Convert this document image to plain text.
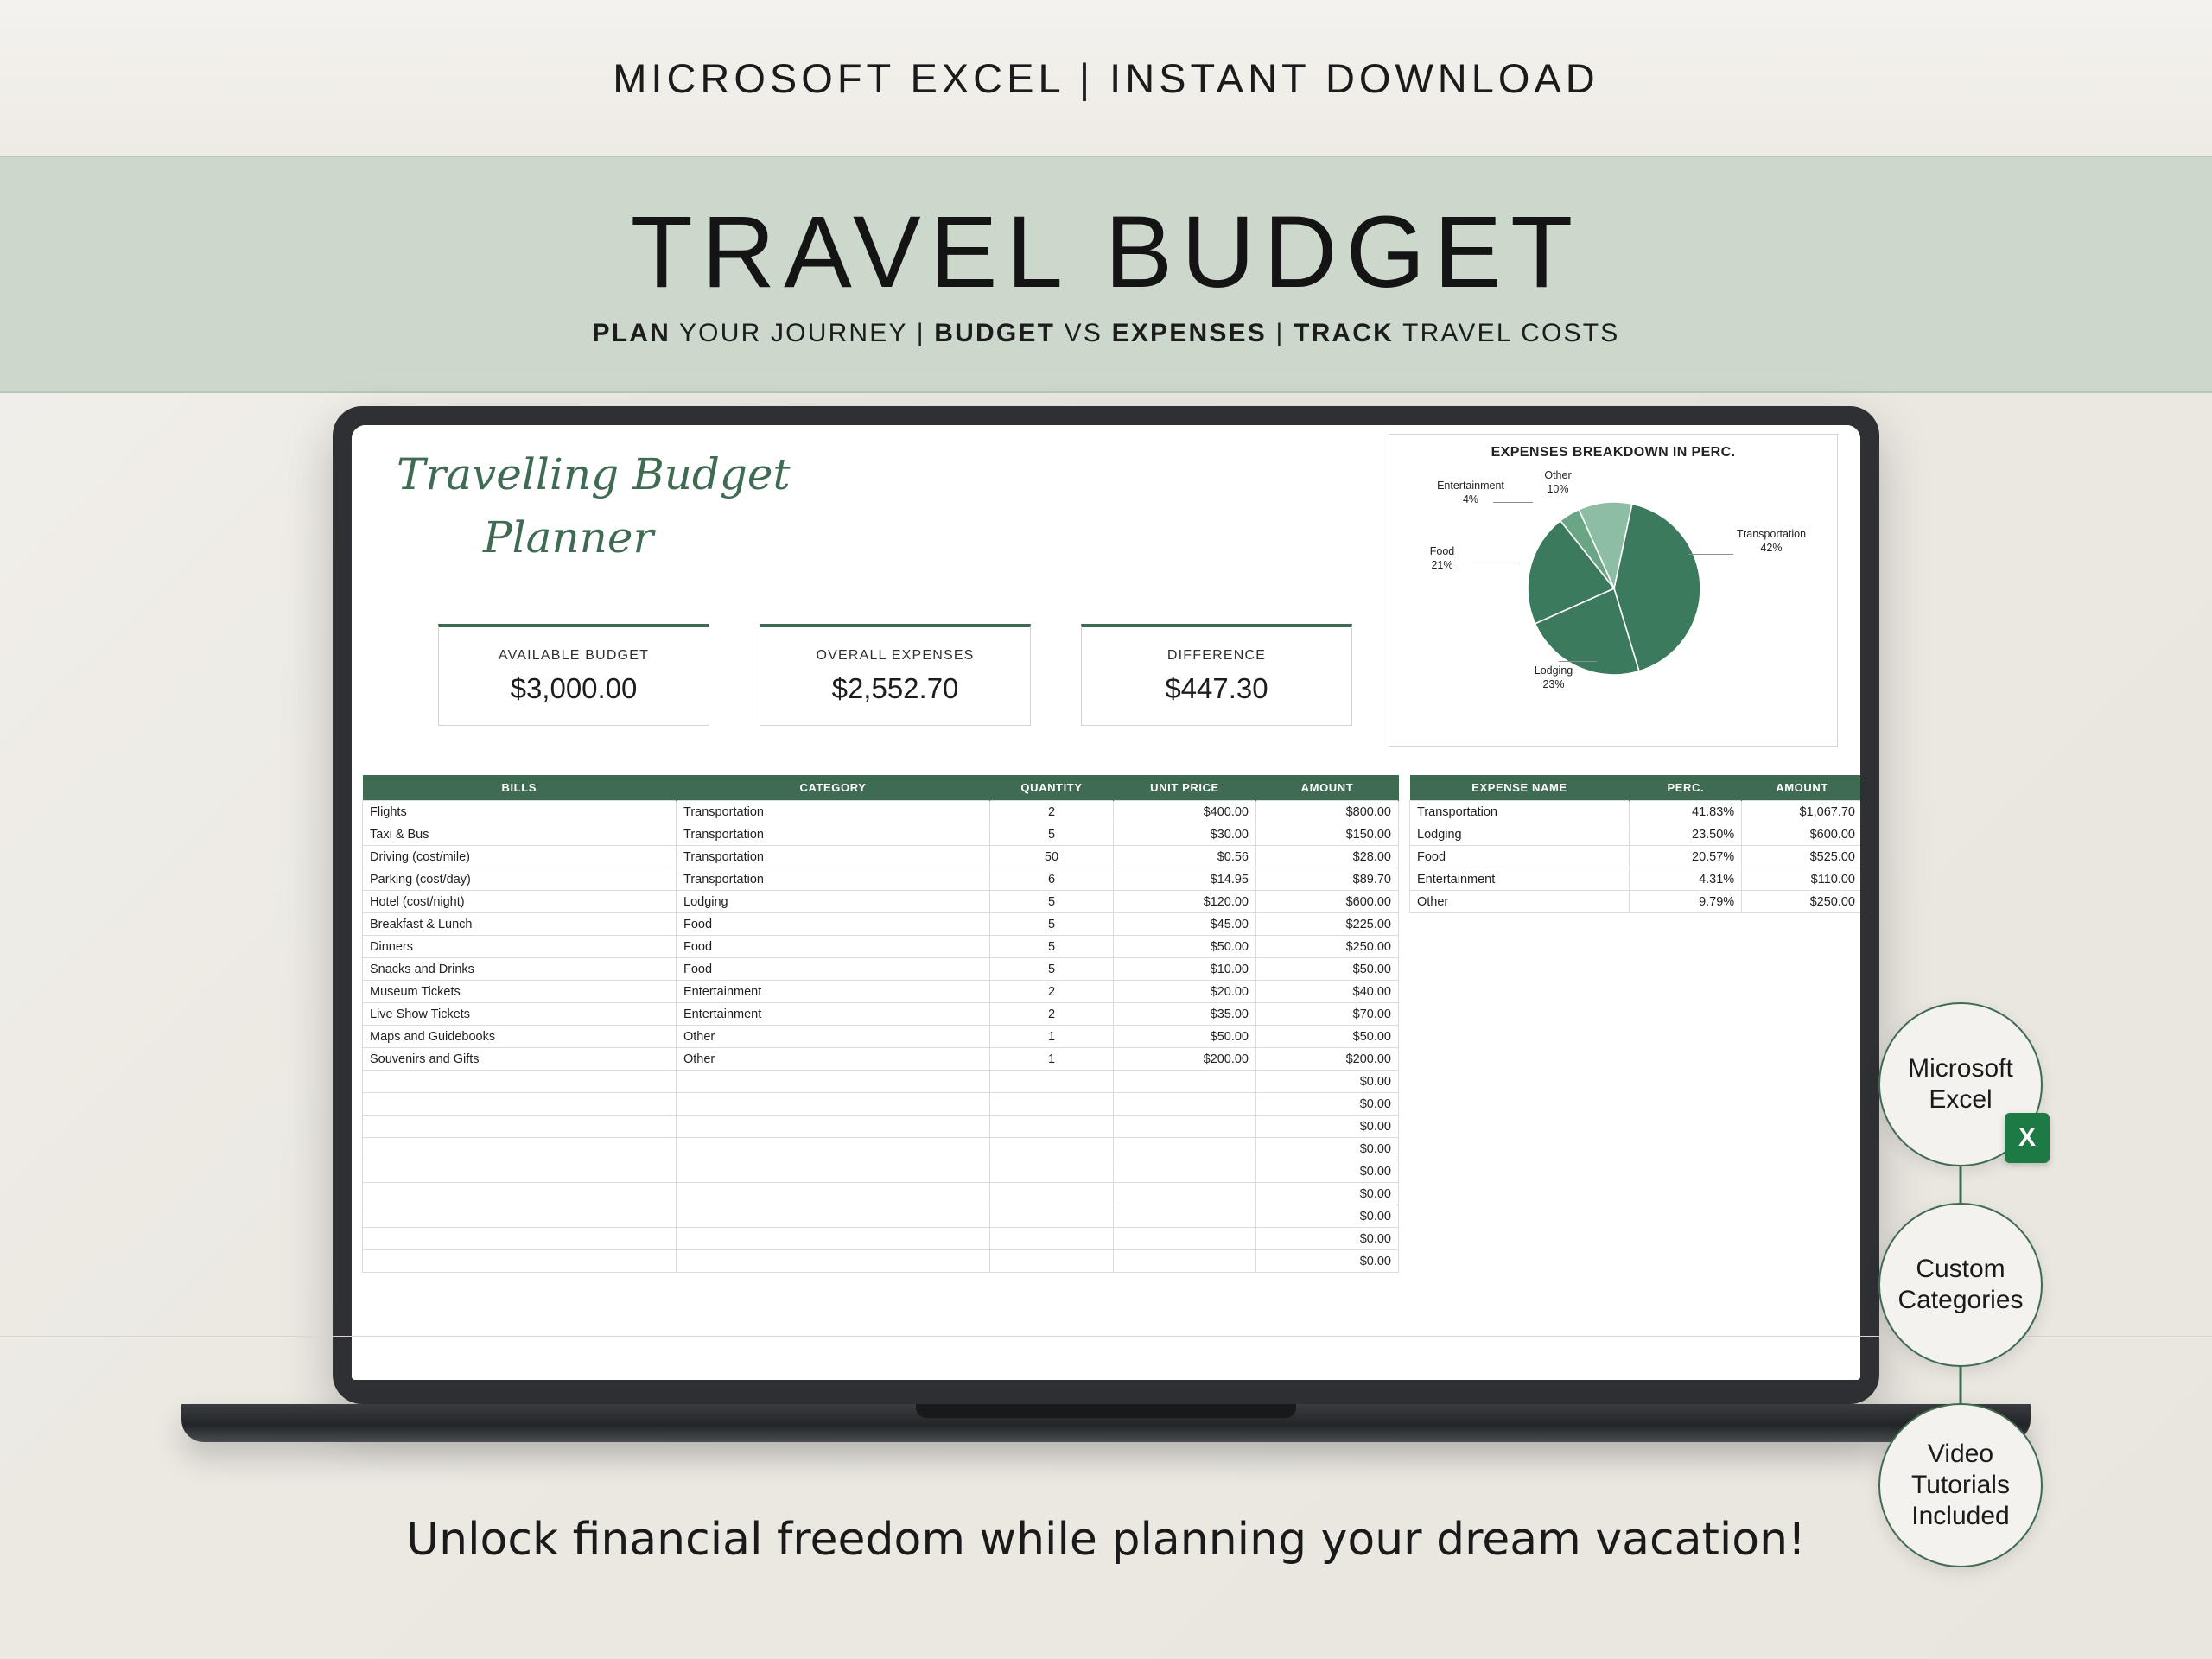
MICROSOFT EXCEL | INSTANT DOWNLOAD
TRAVEL BUDGET
PLAN YOUR JOURNEY | BUDGET VS EXPENSES | TRACK TRAVEL COSTS
Travelling Budget
Planner
AVAILABLE BUDGET
$3,000.00
OVERALL EXPENSES
$2,552.70
DIFFERENCE
$447.30
EXPENSES BREAKDOWN IN PERC.
Entertainment
4%
Other
10%
Transportation
42%
Food
21%
Lodging
23%
BILLS	CATEGORY	QUANTITY	UNIT PRICE	AMOUNT
Flights	Transportation	2	$400.00	$800.00
Taxi & Bus	Transportation	5	$30.00	$150.00
Driving (cost/mile)	Transportation	50	$0.56	$28.00
Parking (cost/day)	Transportation	6	$14.95	$89.70
Hotel (cost/night)	Lodging	5	$120.00	$600.00
Breakfast & Lunch	Food	5	$45.00	$225.00
Dinners	Food	5	$50.00	$250.00
Snacks and Drinks	Food	5	$10.00	$50.00
Museum Tickets	Entertainment	2	$20.00	$40.00
Live Show Tickets	Entertainment	2	$35.00	$70.00
Maps and Guidebooks	Other	1	$50.00	$50.00
Souvenirs and Gifts	Other	1	$200.00	$200.00
				$0.00
				$0.00
				$0.00
				$0.00
				$0.00
				$0.00
				$0.00
				$0.00
				$0.00
EXPENSE NAME	PERC.	AMOUNT
Transportation	41.83%	$1,067.70
Lodging	23.50%	$600.00
Food	20.57%	$525.00
Entertainment	4.31%	$110.00
Other	9.79%	$250.00
Microsoft
Excel
X
Custom
Categories
Video
Tutorials
Included
Unlock financial freedom while planning your dream vacation!
